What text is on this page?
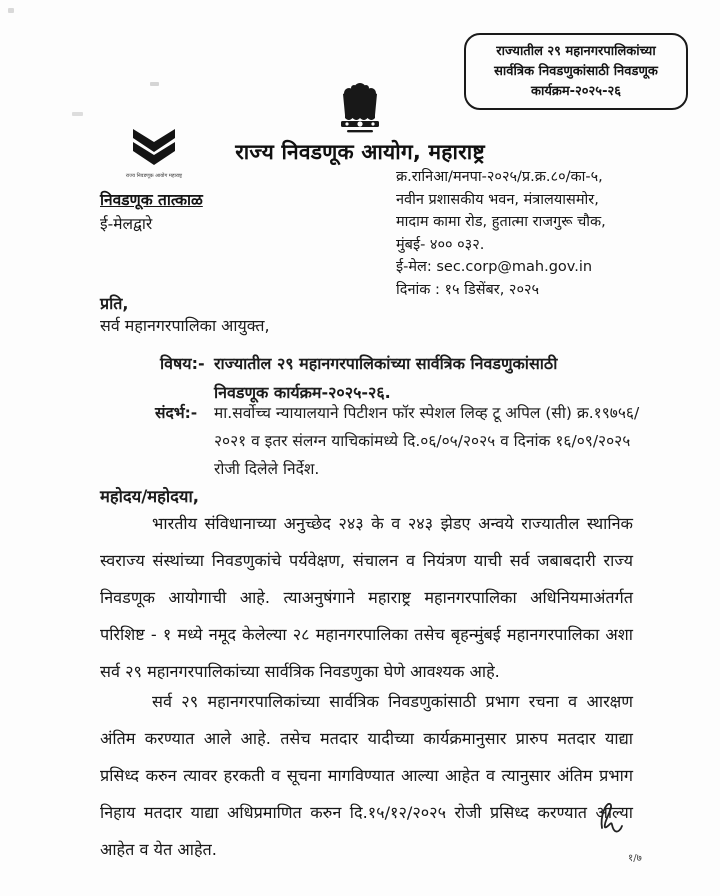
राज्यातील २९ महानगरपालिकांच्या
सार्वत्रिक निवडणुकांसाठी निवडणूक
कार्यक्रम-२०२५-२६
राज्य निवडणूक आयोग, महाराष्ट्र
राज्य निवडणूक आयोग महाराष्ट्र
निवडणूक तात्काळ
ई-मेलद्वारे
क्र.रानिआ/मनपा-२०२५/प्र.क्र.८०/का-५,
नवीन प्रशासकीय भवन, मंत्रालयासमोर,
मादाम कामा रोड, हुतात्मा राजगुरू चौक,
मुंबई- ४०० ०३२.
ई-मेल: sec.corp@mah.gov.in
दिनांक : १५ डिसेंबर, २०२५
प्रति,
सर्व महानगरपालिका आयुक्त,
विषय:- राज्यातील २९ महानगरपालिकांच्या सार्वत्रिक निवडणुकांसाठी
निवडणूक कार्यक्रम-२०२५-२६.
संदर्भ:- मा.सर्वोच्च न्यायालयाने पिटीशन फॉर स्पेशल लिव्ह टू अपिल (सी) क्र.१९७५६/
२०२१ व इतर संलग्न याचिकांमध्ये दि.०६/०५/२०२५ व दिनांक १६/०९/२०२५
रोजी दिलेले निर्देश.
महोदय/महोदया,
भारतीय संविधानाच्या अनुच्छेद २४३ के व २४३ झेडए अन्वये राज्यातील स्थानिक स्वराज्य संस्थांच्या निवडणुकांचे पर्यवेक्षण, संचालन व नियंत्रण याची सर्व जबाबदारी राज्य निवडणूक आयोगाची आहे. त्याअनुषंगाने महाराष्ट्र महानगरपालिका अधिनियमाअंतर्गत परिशिष्ट - १ मध्ये नमूद केलेल्या २८ महानगरपालिका तसेच बृहन्मुंबई महानगरपालिका अशा सर्व २९ महानगरपालिकांच्या सार्वत्रिक निवडणुका घेणे आवश्यक आहे.
सर्व २९ महानगरपालिकांच्या सार्वत्रिक निवडणुकांसाठी प्रभाग रचना व आरक्षण अंतिम करण्यात आले आहे. तसेच मतदार यादीच्या कार्यक्रमानुसार प्रारुप मतदार याद्या प्रसिध्द करुन त्यावर हरकती व सूचना मागविण्यात आल्या आहेत व त्यानुसार अंतिम प्रभाग निहाय मतदार याद्या अधिप्रमाणित करुन दि.१५/१२/२०२५ रोजी प्रसिध्द करण्यात आल्या आहेत व येत आहेत.	१/७
